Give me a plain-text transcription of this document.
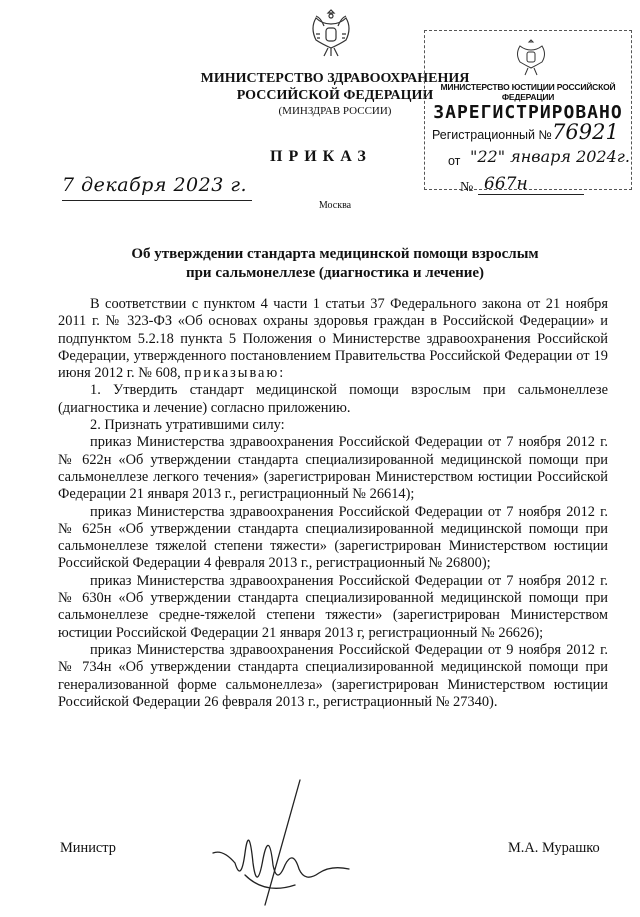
МИНИСТЕРСТВО ЗДРАВООХРАНЕНИЯ
РОССИЙСКОЙ ФЕДЕРАЦИИ
(МИНЗДРАВ РОССИИ)
МИНИСТЕРСТВО ЮСТИЦИИ РОССИЙСКОЙ ФЕДЕРАЦИИ
ЗАРЕГИСТРИРОВАНО
Регистрационный № 76921
от "22" января 2024г.
ПРИКАЗ
7 декабря 2023 г.
Москва
№ 667н
Об утверждении стандарта медицинской помощи взрослым
при сальмонеллезе (диагностика и лечение)

В соответствии с пунктом 4 части 1 статьи 37 Федерального закона от 21 ноября 2011 г. № 323-ФЗ «Об основах охраны здоровья граждан в Российской Федерации» и подпунктом 5.2.18 пункта 5 Положения о Министерстве здравоохранения Российской Федерации, утвержденного постановлением Правительства Российской Федерации от 19 июня 2012 г. № 608, приказываю:

1. Утвердить стандарт медицинской помощи взрослым при сальмонеллезе (диагностика и лечение) согласно приложению.

2. Признать утратившими силу:

приказ Министерства здравоохранения Российской Федерации от 7 ноября 2012 г. № 622н «Об утверждении стандарта специализированной медицинской помощи при сальмонеллезе легкого течения» (зарегистрирован Министерством юстиции Российской Федерации 21 января 2013 г., регистрационный № 26614);

приказ Министерства здравоохранения Российской Федерации от 7 ноября 2012 г. № 625н «Об утверждении стандарта специализированной медицинской помощи при сальмонеллезе тяжелой степени тяжести» (зарегистрирован Министерством юстиции Российской Федерации 4 февраля 2013 г., регистрационный № 26800);

приказ Министерства здравоохранения Российской Федерации от 7 ноября 2012 г. № 630н «Об утверждении стандарта специализированной медицинской помощи при сальмонеллезе средне-тяжелой степени тяжести» (зарегистрирован Министерством юстиции Российской Федерации 21 января 2013 г, регистрационный № 26626);

приказ Министерства здравоохранения Российской Федерации от 9 ноября 2012 г. № 734н «Об утверждении стандарта специализированной медицинской помощи при генерализованной форме сальмонеллеза» (зарегистрирован Министерством юстиции Российской Федерации 26 февраля 2013 г., регистрационный № 27340).

Министр	М.А. Мурашко
